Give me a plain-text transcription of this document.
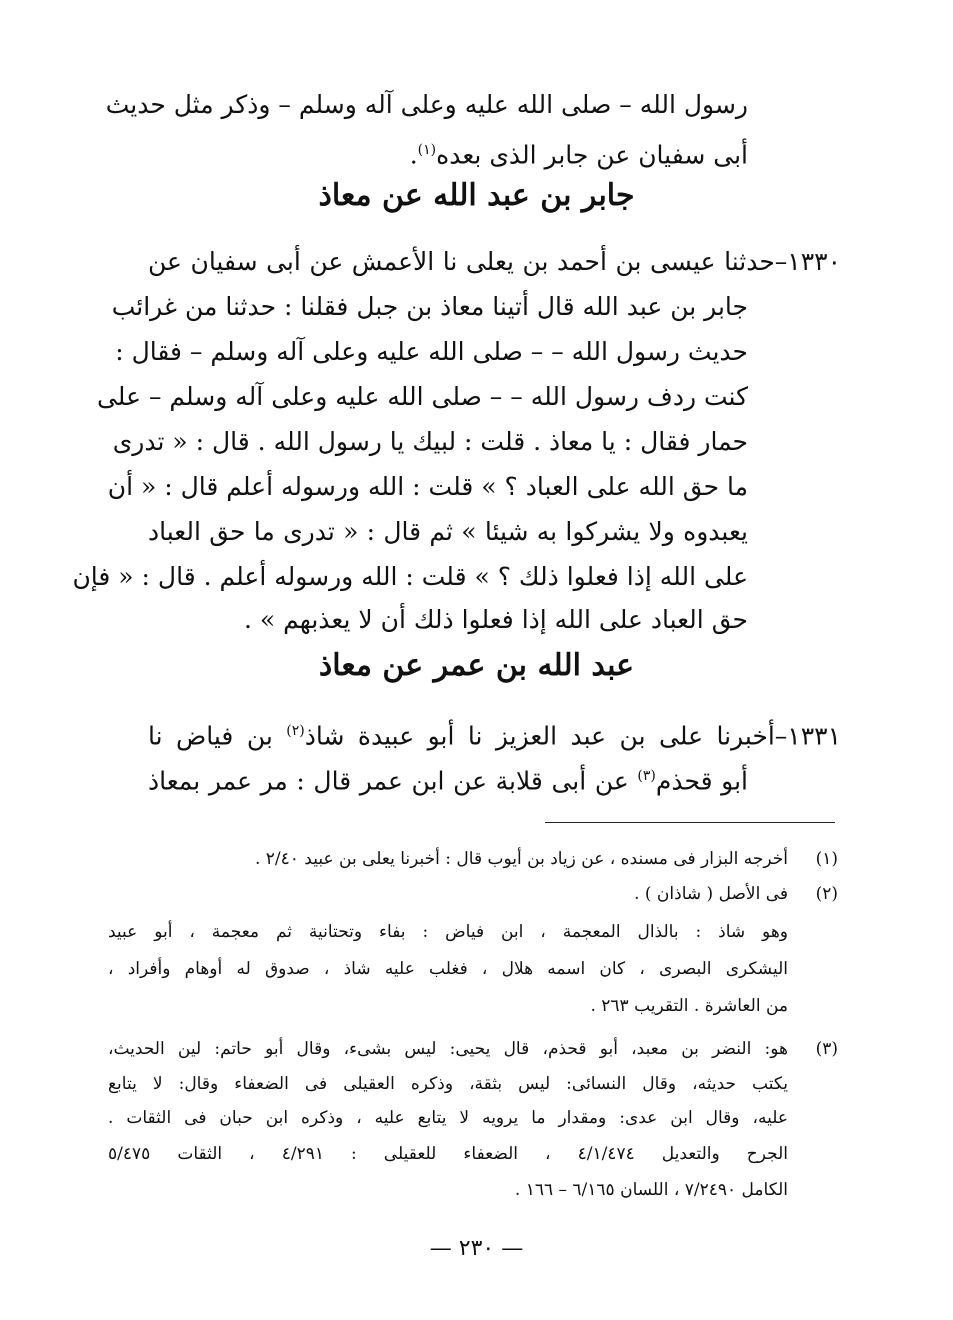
رسول الله – صلى الله عليه وعلى آله وسلم – وذكر مثل حديث
أبى سفيان عن جابر الذى بعده$^{(١)}$.
جابر بن عبد الله عن معاذ
١٣٣٠–حدثنا عيسى بن أحمد بن يعلى نا الأعمش عن أبى سفيان عن
جابر بن عبد الله قال أتينا معاذ بن جبل فقلنا : حدثنا من غرائب
حديث رسول الله – – صلى الله عليه وعلى آله وسلم – فقال :
كنت ردف رسول الله – – صلى الله عليه وعلى آله وسلم – على
حمار فقال : يا معاذ . قلت : لبيك يا رسول الله . قال : « تدرى
ما حق الله على العباد ؟ » قلت : الله ورسوله أعلم قال : « أن
يعبدوه ولا يشركوا به شيئا » ثم قال : « تدرى ما حق العباد
على الله إذا فعلوا ذلك ؟ » قلت : الله ورسوله أعلم . قال : « فإن
حق العباد على الله إذا فعلوا ذلك أن لا يعذبهم » .
عبد الله بن عمر عن معاذ
١٣٣١–أخبرنا على بن عبد العزيز نا أبو عبيدة شاذ$^{(٢)}$ بن فياض نا
أبو قحذم$^{(٣)}$ عن أبى قلابة عن ابن عمر قال : مر عمر بمعاذ
(١)
أخرجه البزار فى مسنده ، عن زياد بن أيوب قال : أخبرنا يعلى بن عبيد ٢/٤٠ .
(٢)
فى الأصل ( شاذان ) .
وهو شاذ : بالذال المعجمة ، ابن فياض : بفاء وتحتانية ثم معجمة ، أبو عبيد
اليشكرى البصرى ، كان اسمه هلال ، فغلب عليه شاذ ، صدوق له أوهام وأفراد ،
من العاشرة . التقريب ٢٦٣ .
(٣)
هو: النضر بن معبد، أبو قحذم، قال يحيى: ليس بشىء، وقال أبو حاتم: لين الحديث،
يكتب حديثه، وقال النسائى: ليس بثقة، وذكره العقيلى فى الضعفاء وقال: لا يتابع
عليه، وقال ابن عدى: ومقدار ما يرويه لا يتابع عليه ، وذكره ابن حبان فى الثقات .
الجرح والتعديل ٤/١/٤٧٤ ، الضعفاء للعقيلى : ٤/٢٩١ ، الثقات ٥/٤٧٥
الكامل ٧/٢٤٩٠ ، اللسان ٦/١٦٥ – ١٦٦ .
— ٢٣٠ —
